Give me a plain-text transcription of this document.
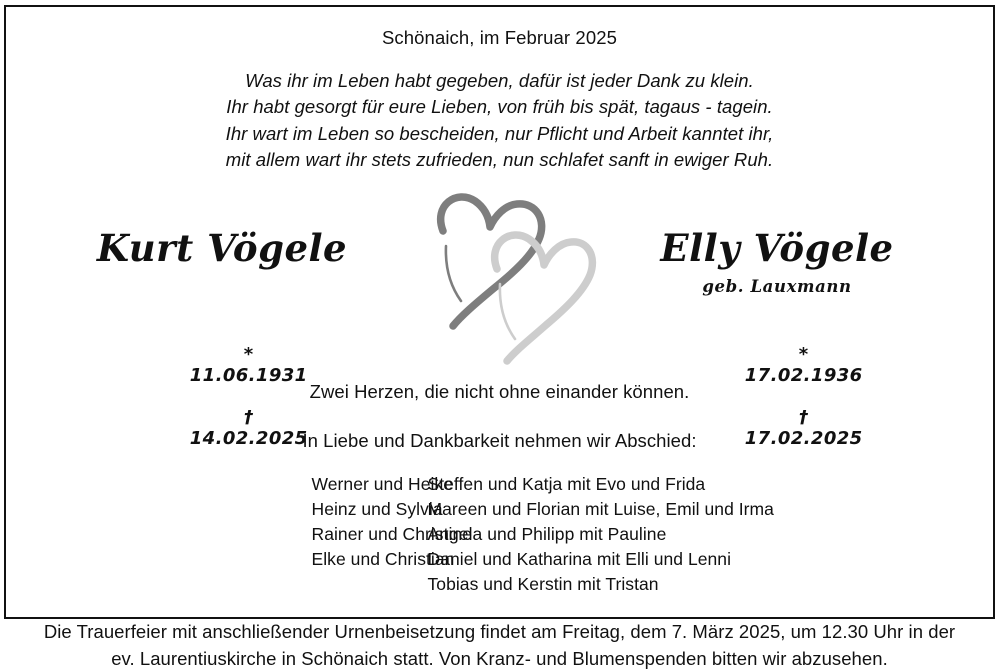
Schönaich, im Februar 2025
Was ihr im Leben habt gegeben, dafür ist jeder Dank zu klein.
Ihr habt gesorgt für eure Lieben, von früh bis spät, tagaus - tagein.
Ihr wart im Leben so bescheiden, nur Pflicht und Arbeit kanntet ihr,
mit allem wart ihr stets zufrieden, nun schlafet sanft in ewiger Ruh.
Kurt Vögele	Elly Vögele
geb. Lauxmann

*
11.06.1931

†
14.02.2025

*
17.02.1936

†
17.02.2025

Zwei Herzen, die nicht ohne einander können.
In Liebe und Dankbarkeit nehmen wir Abschied:
Werner und Heike
Heinz und Sylvia
Rainer und Christine
Elke und Christian
Steffen und Katja mit Evo und Frida
Mareen und Florian mit Luise, Emil und Irma
Angela und Philipp mit Pauline
Daniel und Katharina mit Elli und Lenni
Tobias und Kerstin mit Tristan
Die Trauerfeier mit anschließender Urnenbeisetzung findet am Freitag, dem 7. März 2025, um 12.30 Uhr in der
ev. Laurentiuskirche in Schönaich statt. Von Kranz- und Blumenspenden bitten wir abzusehen.
